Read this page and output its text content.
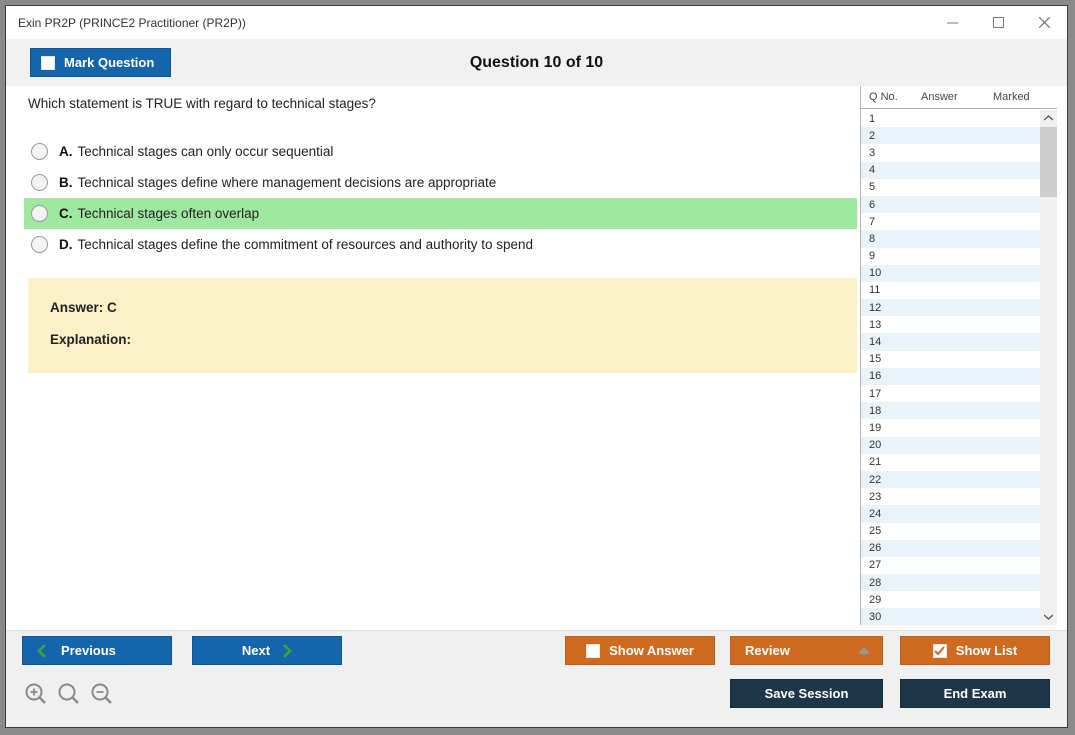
Exin PR2P (PRINCE2 Practitioner (PR2P))
Mark Question	Question 10 of 10
Which statement is TRUE with regard to technical stages?
A. Technical stages can only occur sequential
B. Technical stages define where management decisions are appropriate
C. Technical stages often overlap
D. Technical stages define the commitment of resources and authority to spend
Answer: C
Explanation:
Q No. Answer	Marked
1
2
3
4
5
6
7
8
9
10
11
12
13
14
15
16
17
18
19
20
21
22
23
24
25
26
27
28
29
30
Previous	Next	Show Answer	Review	Show List
Save Session	End Exam
